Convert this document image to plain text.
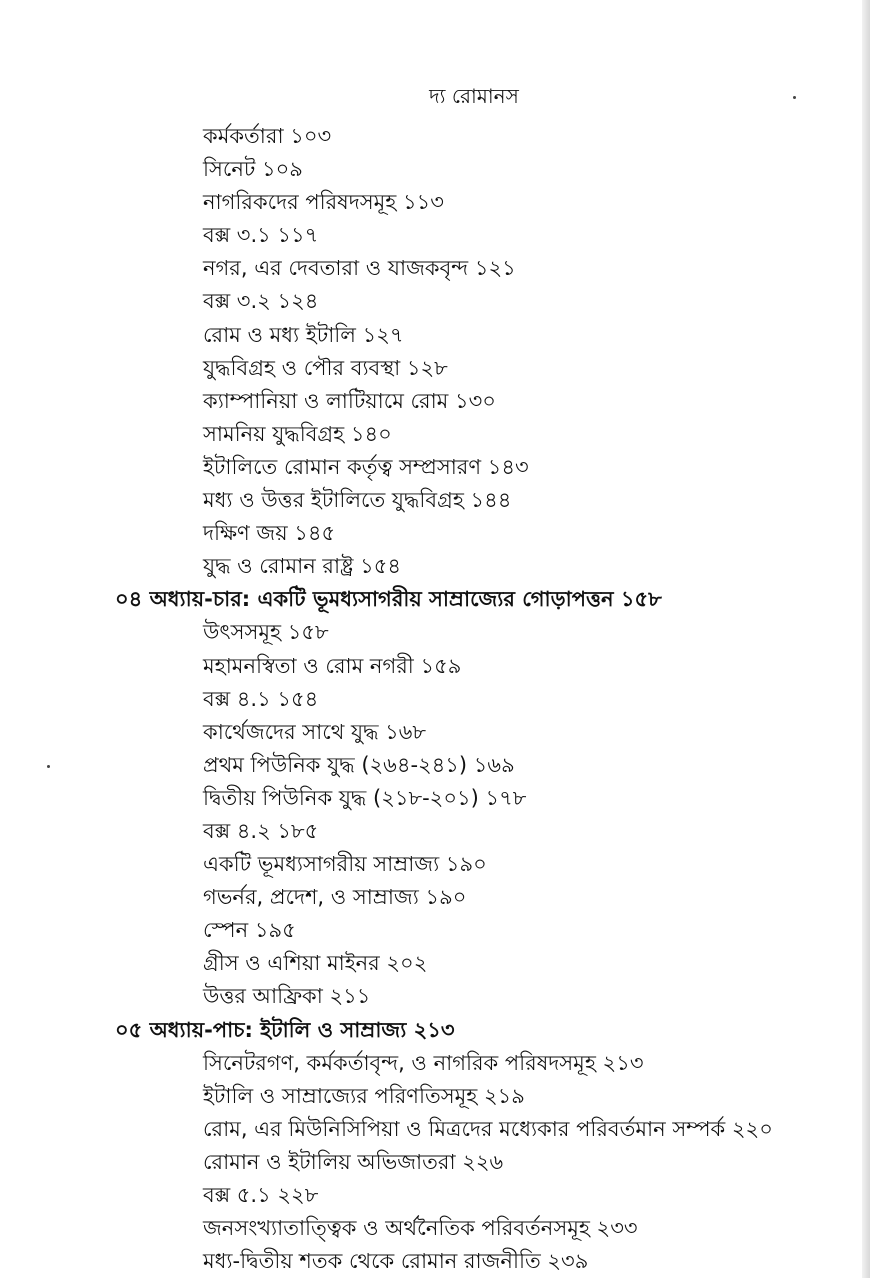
দ্য রোমানস
কর্মকর্তারা ১০৩
সিনেট ১০৯
নাগরিকদের পরিষদসমূহ ১১৩
বক্স ৩.১ ১১৭
নগর, এর দেবতারা ও যাজকবৃন্দ ১২১
বক্স ৩.২ ১২৪
রোম ও মধ্য ইটালি ১২৭
যুদ্ধবিগ্রহ ও পৌর ব্যবস্থা ১২৮
ক্যাম্পানিয়া ও লাটিয়ামে রোম ১৩০
সামনিয় যুদ্ধবিগ্রহ ১৪০
ইটালিতে রোমান কর্তৃত্ব সম্প্রসারণ ১৪৩
মধ্য ও উত্তর ইটালিতে যুদ্ধবিগ্রহ ১৪৪
দক্ষিণ জয় ১৪৫
যুদ্ধ ও রোমান রাষ্ট্র ১৫৪
০৪ অধ্যায়-চার: একটি ভূমধ্যসাগরীয় সাম্রাজ্যের গোড়াপত্তন ১৫৮
উৎসসমূহ ১৫৮
মহামনস্বিতা ও রোম নগরী ১৫৯
বক্স ৪.১ ১৫৪
কার্থেজদের সাথে যুদ্ধ ১৬৮
প্রথম পিউনিক যুদ্ধ (২৬৪-২৪১) ১৬৯
দ্বিতীয় পিউনিক যুদ্ধ (২১৮-২০১) ১৭৮
বক্স ৪.২ ১৮৫
একটি ভূমধ্যসাগরীয় সাম্রাজ্য ১৯০
গভর্নর, প্রদেশ, ও সাম্রাজ্য ১৯০
স্পেন ১৯৫
গ্রীস ও এশিয়া মাইনর ২০২
উত্তর আফ্রিকা ২১১
০৫ অধ্যায়-পাচ: ইটালি ও সাম্রাজ্য ২১৩
সিনেটরগণ, কর্মকর্তাবৃন্দ, ও নাগরিক পরিষদসমূহ ২১৩
ইটালি ও সাম্রাজ্যের পরিণতিসমূহ ২১৯
রোম, এর মিউনিসিপিয়া ও মিত্রদের মধ্যেকার পরিবর্তমান সম্পর্ক ২২০
রোমান ও ইটালিয় অভিজাতরা ২২৬
বক্স ৫.১ ২২৮
জনসংখ্যাতাত্ত্বিক ও অর্থনৈতিক পরিবর্তনসমূহ ২৩৩
মধ্য-দ্বিতীয় শতক থেকে রোমান রাজনীতি ২৩৯
